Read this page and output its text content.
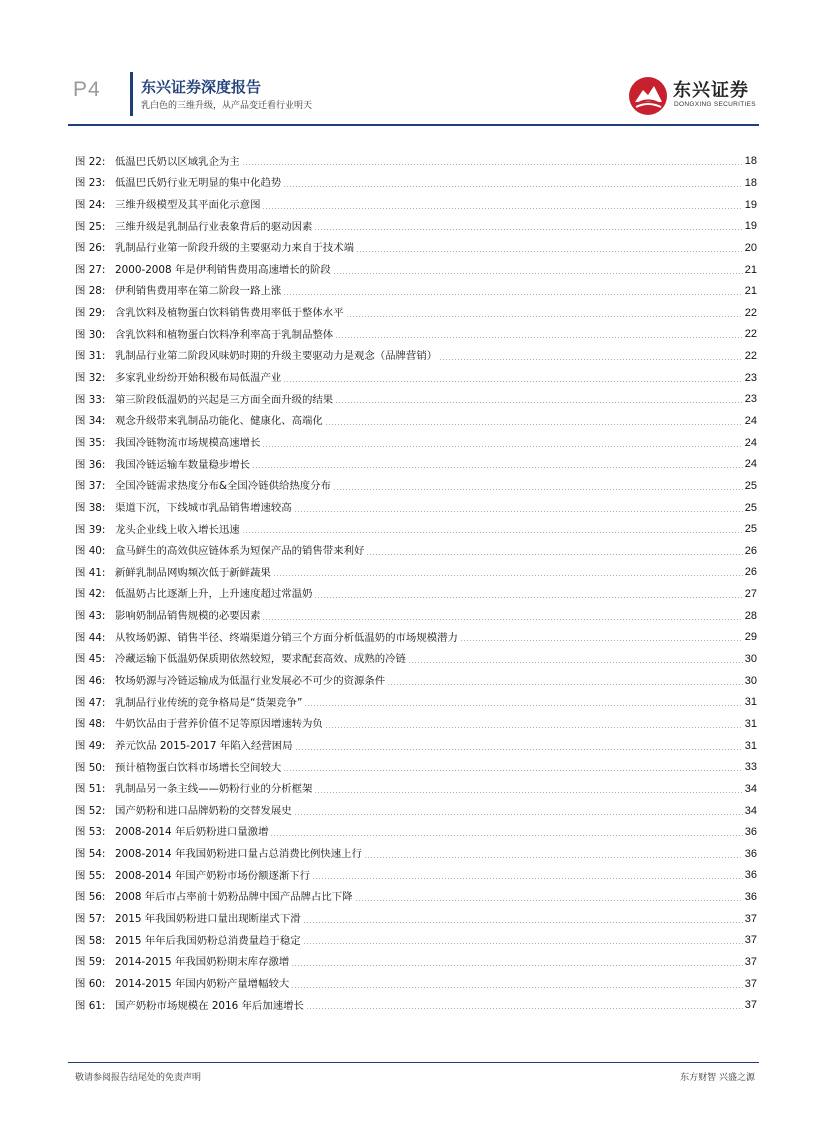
P4	东兴证券深度报告
乳白色的三维升级，从产品变迁看行业明天
东兴证券
DONGXING SECURITIES
图 22: 低温巴氏奶以区域乳企为主	18
图 23: 低温巴氏奶行业无明显的集中化趋势	18
图 24: 三维升级模型及其平面化示意图	19
图 25: 三维升级是乳制品行业表象背后的驱动因素	19
图 26: 乳制品行业第一阶段升级的主要驱动力来自于技术端	20
图 27: 2000-2008 年是伊利销售费用高速增长的阶段	21
图 28: 伊利销售费用率在第二阶段一路上涨	21
图 29: 含乳饮料及植物蛋白饮料销售费用率低于整体水平	22
图 30: 含乳饮料和植物蛋白饮料净利率高于乳制品整体	22
图 31: 乳制品行业第二阶段风味奶时期的升级主要驱动力是观念（品牌营销）	22
图 32: 多家乳业纷纷开始积极布局低温产业	23
图 33: 第三阶段低温奶的兴起是三方面全面升级的结果	23
图 34: 观念升级带来乳制品功能化、健康化、高端化	24
图 35: 我国冷链物流市场规模高速增长	24
图 36: 我国冷链运输车数量稳步增长	24
图 37: 全国冷链需求热度分布&全国冷链供给热度分布	25
图 38: 渠道下沉，下线城市乳品销售增速较高	25
图 39: 龙头企业线上收入增长迅速	25
图 40: 盒马鲜生的高效供应链体系为短保产品的销售带来利好	26
图 41: 新鲜乳制品网购频次低于新鲜蔬果	26
图 42: 低温奶占比逐渐上升，上升速度超过常温奶	27
图 43: 影响奶制品销售规模的必要因素	28
图 44: 从牧场奶源、销售半径、终端渠道分销三个方面分析低温奶的市场规模潜力	29
图 45: 冷藏运输下低温奶保质期依然较短，要求配套高效、成熟的冷链	30
图 46: 牧场奶源与冷链运输成为低温行业发展必不可少的资源条件	30
图 47: 乳制品行业传统的竞争格局是“货架竞争”	31
图 48: 牛奶饮品由于营养价值不足等原因增速转为负	31
图 49: 养元饮品 2015-2017 年陷入经营困局	31
图 50: 预计植物蛋白饮料市场增长空间较大	33
图 51: 乳制品另一条主线——奶粉行业的分析框架	34
图 52: 国产奶粉和进口品牌奶粉的交替发展史	34
图 53: 2008-2014 年后奶粉进口量激增	36
图 54: 2008-2014 年我国奶粉进口量占总消费比例快速上行	36
图 55: 2008-2014 年国产奶粉市场份额逐渐下行	36
图 56: 2008 年后市占率前十奶粉品牌中国产品牌占比下降	36
图 57: 2015 年我国奶粉进口量出现断崖式下滑	37
图 58: 2015 年年后我国奶粉总消费量趋于稳定	37
图 59: 2014-2015 年我国奶粉期末库存激增	37
图 60: 2014-2015 年国内奶粉产量增幅较大	37
图 61: 国产奶粉市场规模在 2016 年后加速增长	37
敬请参阅报告结尾处的免责声明	东方财智 兴盛之源
